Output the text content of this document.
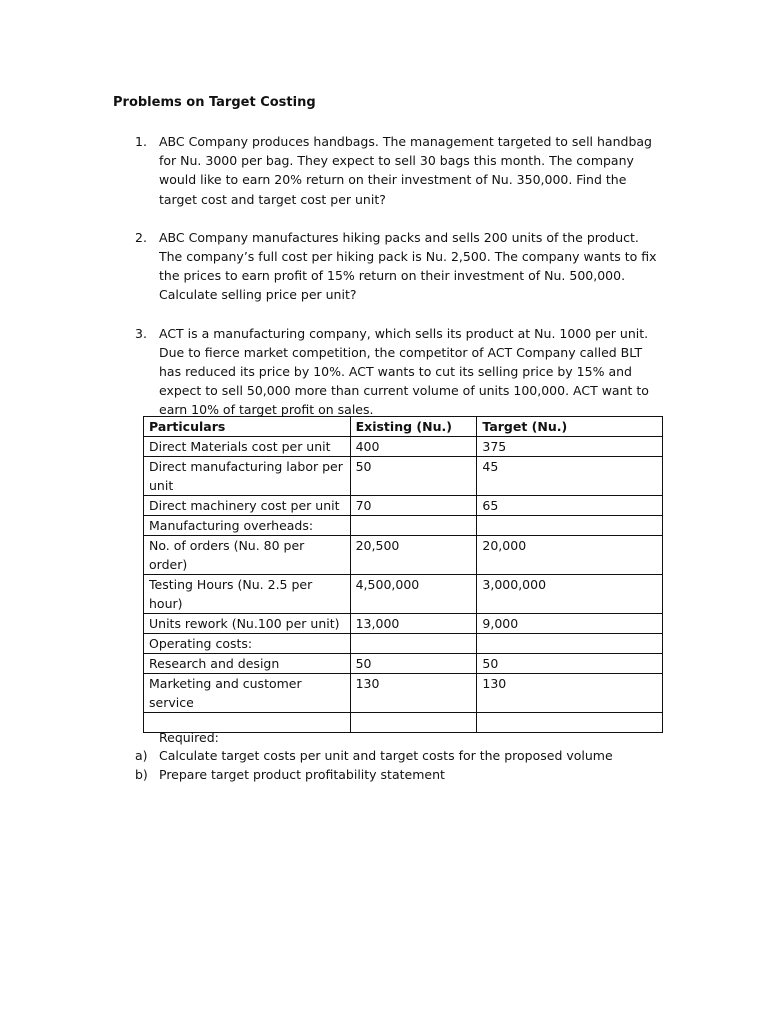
Problems on Target Costing
1. ABC Company produces handbags. The management targeted to sell handbag for Nu. 3000 per bag. They expect to sell 30 bags this month. The company would like to earn 20% return on their investment of Nu. 350,000. Find the target cost and target cost per unit?
2. ABC Company manufactures hiking packs and sells 200 units of the product. The company’s full cost per hiking pack is Nu. 2,500. The company wants to fix the prices to earn profit of 15% return on their investment of Nu. 500,000. Calculate selling price per unit?
3. ACT is a manufacturing company, which sells its product at Nu. 1000 per unit. Due to fierce market competition, the competitor of ACT Company called BLT has reduced its price by 10%. ACT wants to cut its selling price by 15% and expect to sell 50,000 more than current volume of units 100,000. ACT want to earn 10% of target profit on sales.
Particulars	Existing (Nu.)	Target (Nu.)
Direct Materials cost per unit	400	375
Direct manufacturing labor per unit	50	45
Direct machinery cost per unit	70	65
Manufacturing overheads:		
No. of orders (Nu. 80 per order)	20,500	20,000
Testing Hours (Nu. 2.5 per hour)	4,500,000	3,000,000
Units rework (Nu.100 per unit)	13,000	9,000
Operating costs:		
Research and design	50	50
Marketing and customer service	130	130

Required:
a) Calculate target costs per unit and target costs for the proposed volume
b) Prepare target product profitability statement
